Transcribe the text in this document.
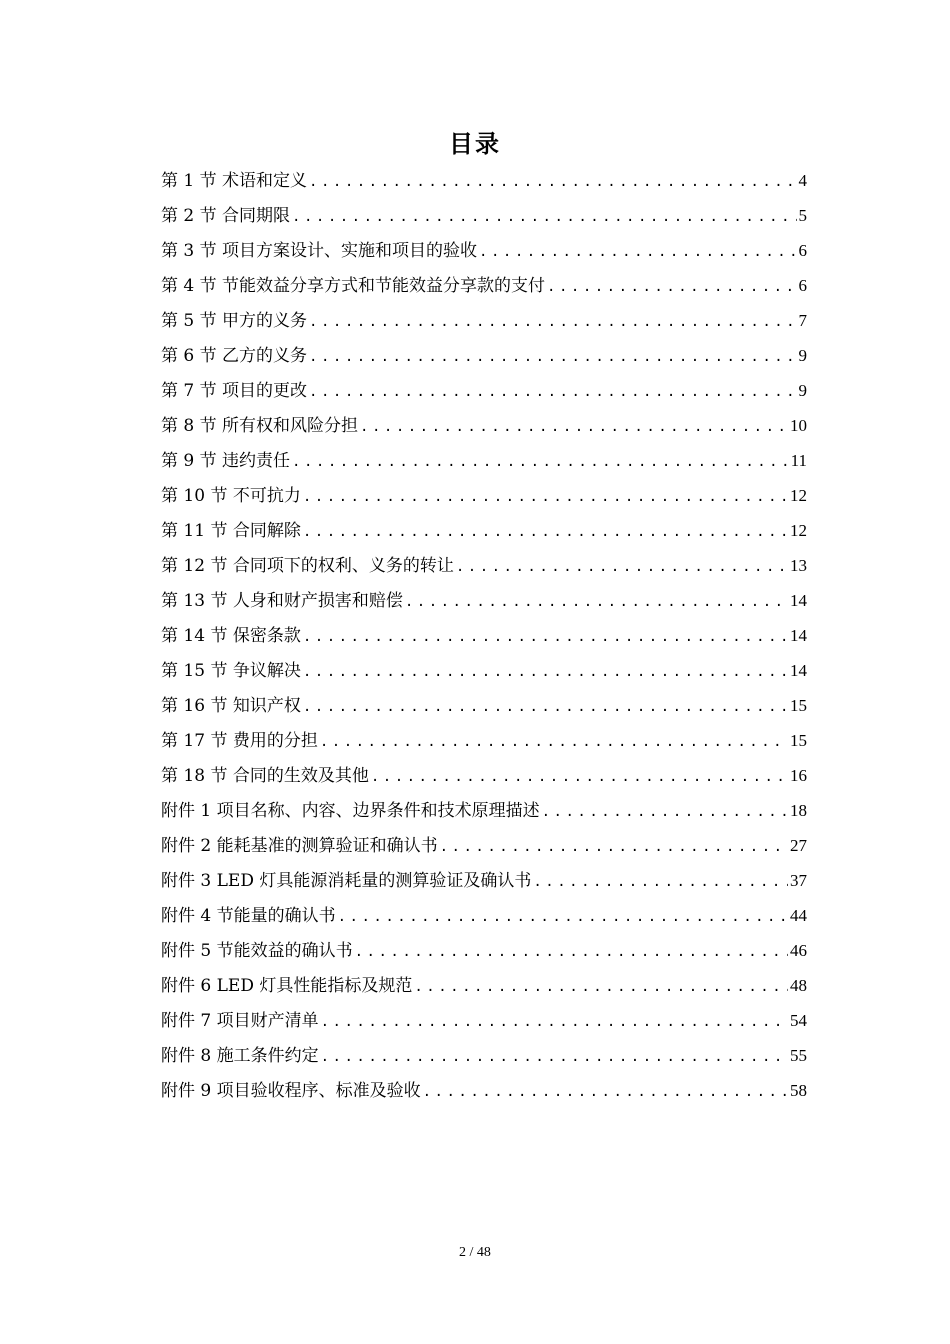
目录
第 1 节 术语和定义 .....	4
第 2 节 合同期限 .....	5
第 3 节 项目方案设计、实施和项目的验收 .....	6
第 4 节 节能效益分享方式和节能效益分享款的支付 .....	6
第 5 节 甲方的义务 .....	7
第 6 节 乙方的义务 .....	9
第 7 节 项目的更改 .....	9
第 8 节 所有权和风险分担 .....	10
第 9 节 违约责任 .....	11
第 10 节 不可抗力 .....	12
第 11 节 合同解除 .....	12
第 12 节 合同项下的权利、义务的转让 .....	13
第 13 节 人身和财产损害和赔偿 .....	14
第 14 节 保密条款 .....	14
第 15 节 争议解决 .....	14
第 16 节 知识产权 .....	15
第 17 节 费用的分担 .....	15
第 18 节 合同的生效及其他 .....	16
附件 1 项目名称、内容、边界条件和技术原理描述 .....	18
附件 2 能耗基准的测算验证和确认书 .....	27
附件 3 LED 灯具能源消耗量的测算验证及确认书 .....	37
附件 4 节能量的确认书 .....	44
附件 5 节能效益的确认书 .....	46
附件 6 LED 灯具性能指标及规范 .....	48
附件 7 项目财产清单 .....	54
附件 8 施工条件约定 .....	55
附件 9 项目验收程序、标准及验收 .....	58
2 / 48
